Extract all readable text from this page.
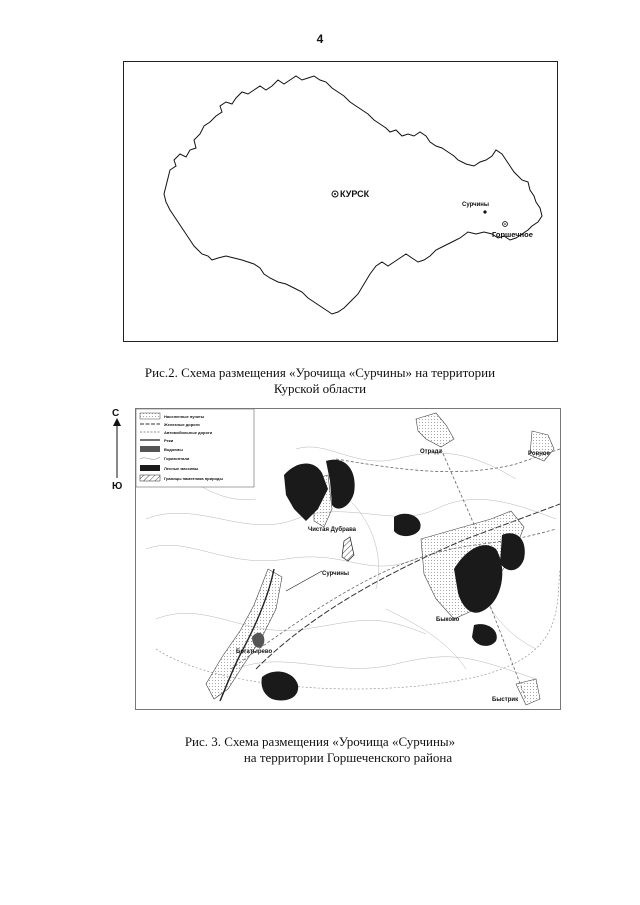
4
КУРСК
Сурчины
Горшечное
Рис.2. Схема размещения «Урочища «Сурчины» на территории
Курской области
С
Ю
Населенные пункты
Железные дороги
Автомобильные дороги
Реки
Водоемы
Горизонтали
Лесные массивы
Границы памятника природы
Отрада	Ровное
Чистая Дубрава
Сурчины
Быково
Богатырево
Быстрик
Рис. 3. Схема размещения «Урочища «Сурчины»
на территории Горшеченского района
